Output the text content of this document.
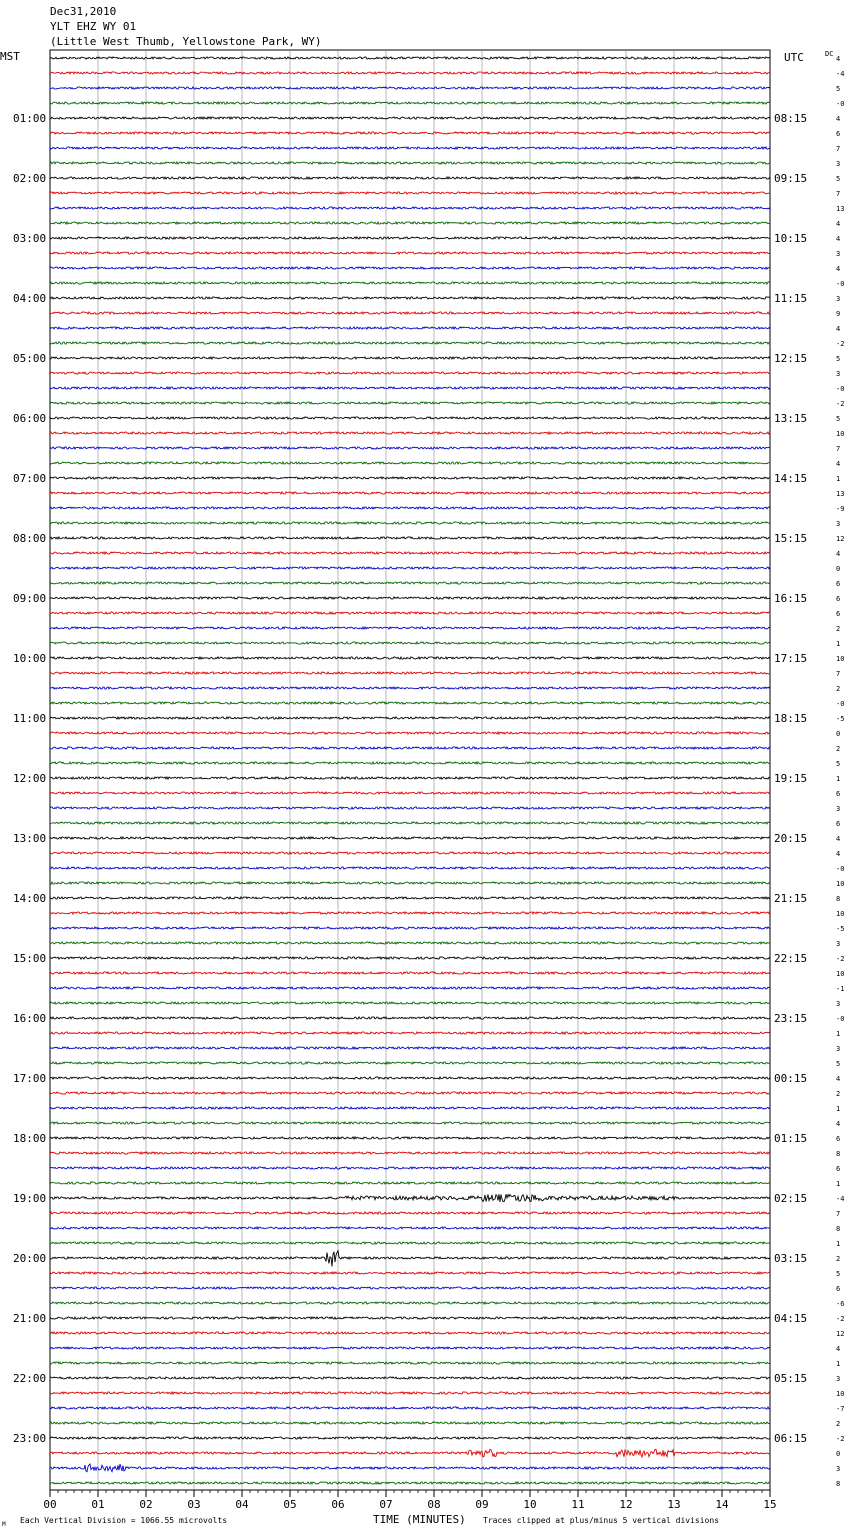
Dec31,2010
YLT EHZ WY 01
(Little West Thumb, Yellowstone Park, WY)
01:00
02:00
03:00
04:00
05:00
06:00
07:00
08:00
09:00
10:00
11:00
12:00
13:00
14:00
15:00
16:00
17:00
18:00
19:00
20:00
21:00
22:00
23:00
08:15
09:15
10:15
11:15
12:15
13:15
14:15
15:15
16:15
17:15
18:15
19:15
20:15
21:15
22:15
23:15
00:15
01:15
02:15
03:15
04:15
05:15
06:15
4
-4
5
-0
4
6
7
3
5
7
13
4
4
3
4
-0
3
9
4
-2
5
3
-0
-2
5
10
7
4
1
13
-9
3
12
4
0
6
6
6
2
1
10
7
2
-0
-5
0
2
5
1
6
3
6
4
4
-0
10
8
10
-5
3
-2
10
-1
3
-0
1
3
5
4
2
1
4
6
8
6
1
-4
7
8
1
2
5
6
-6
-2
12
4
1
3
10
-7
2
-2
0
3
8
00	01	02	03	04	05	06	07	08	09	10	11	12	13	14	15
MST	UTC	DC
TIME (MINUTES)
Each Vertical Division = 1066.55 microvolts	Traces clipped at plus/minus 5 vertical divisions
M
